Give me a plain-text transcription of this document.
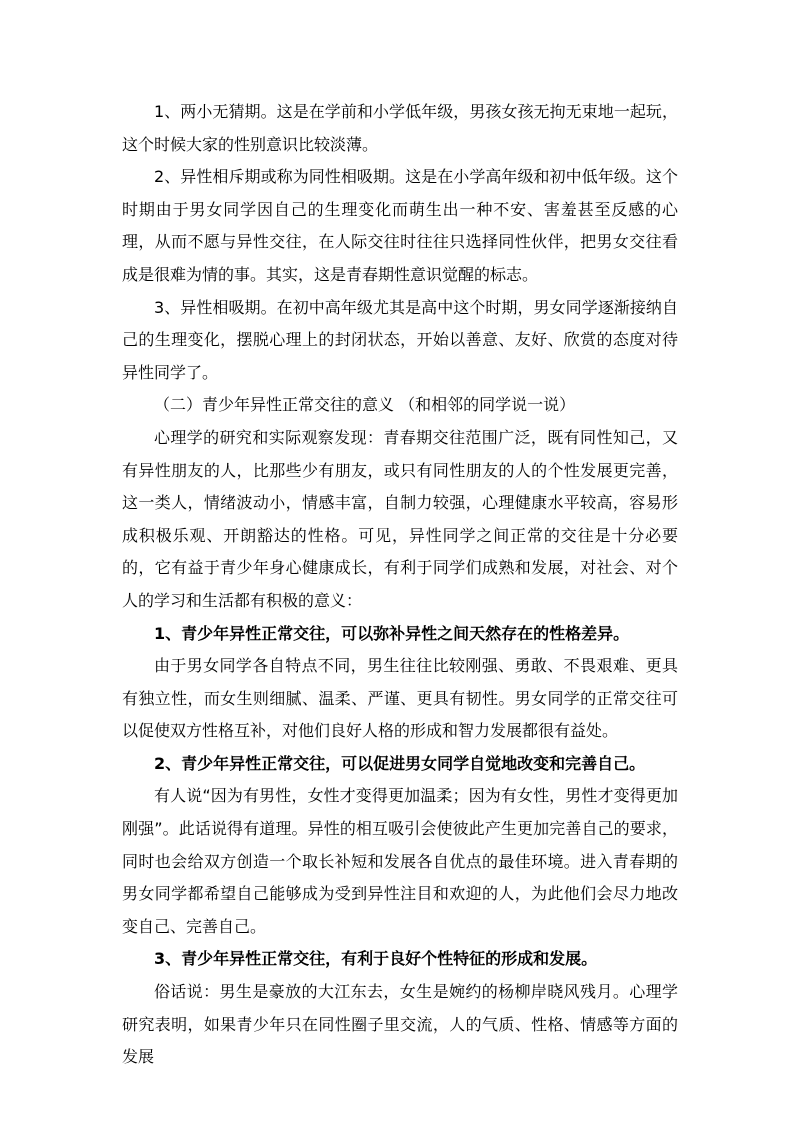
1、两小无猜期。这是在学前和小学低年级，男孩女孩无拘无束地一起玩，这个时候大家的性别意识比较淡薄。

2、异性相斥期或称为同性相吸期。这是在小学高年级和初中低年级。这个时期由于男女同学因自己的生理变化而萌生出一种不安、害羞甚至反感的心理，从而不愿与异性交往，在人际交往时往往只选择同性伙伴，把男女交往看成是很难为情的事。其实，这是青春期性意识觉醒的标志。

3、异性相吸期。在初中高年级尤其是高中这个时期，男女同学逐渐接纳自己的生理变化，摆脱心理上的封闭状态，开始以善意、友好、欣赏的态度对待异性同学了。

（二）青少年异性正常交往的意义 （和相邻的同学说一说）

心理学的研究和实际观察发现：青春期交往范围广泛，既有同性知己，又有异性朋友的人，比那些少有朋友，或只有同性朋友的人的个性发展更完善，这一类人，情绪波动小，情感丰富，自制力较强，心理健康水平较高，容易形成积极乐观、开朗豁达的性格。可见，异性同学之间正常的交往是十分必要的，它有益于青少年身心健康成长，有利于同学们成熟和发展，对社会、对个人的学习和生活都有积极的意义：

1、青少年异性正常交往，可以弥补异性之间天然存在的性格差异。

由于男女同学各自特点不同，男生往往比较刚强、勇敢、不畏艰难、更具有独立性，而女生则细腻、温柔、严谨、更具有韧性。男女同学的正常交往可以促使双方性格互补，对他们良好人格的形成和智力发展都很有益处。

2、青少年异性正常交往，可以促进男女同学自觉地改变和完善自己。

有人说“因为有男性，女性才变得更加温柔；因为有女性，男性才变得更加刚强”。此话说得有道理。异性的相互吸引会使彼此产生更加完善自己的要求，同时也会给双方创造一个取长补短和发展各自优点的最佳环境。进入青春期的男女同学都希望自己能够成为受到异性注目和欢迎的人，为此他们会尽力地改变自己、完善自己。

3、青少年异性正常交往，有利于良好个性特征的形成和发展。

俗话说：男生是豪放的大江东去，女生是婉约的杨柳岸晓风残月。心理学研究表明，如果青少年只在同性圈子里交流，人的气质、性格、情感等方面的发展
